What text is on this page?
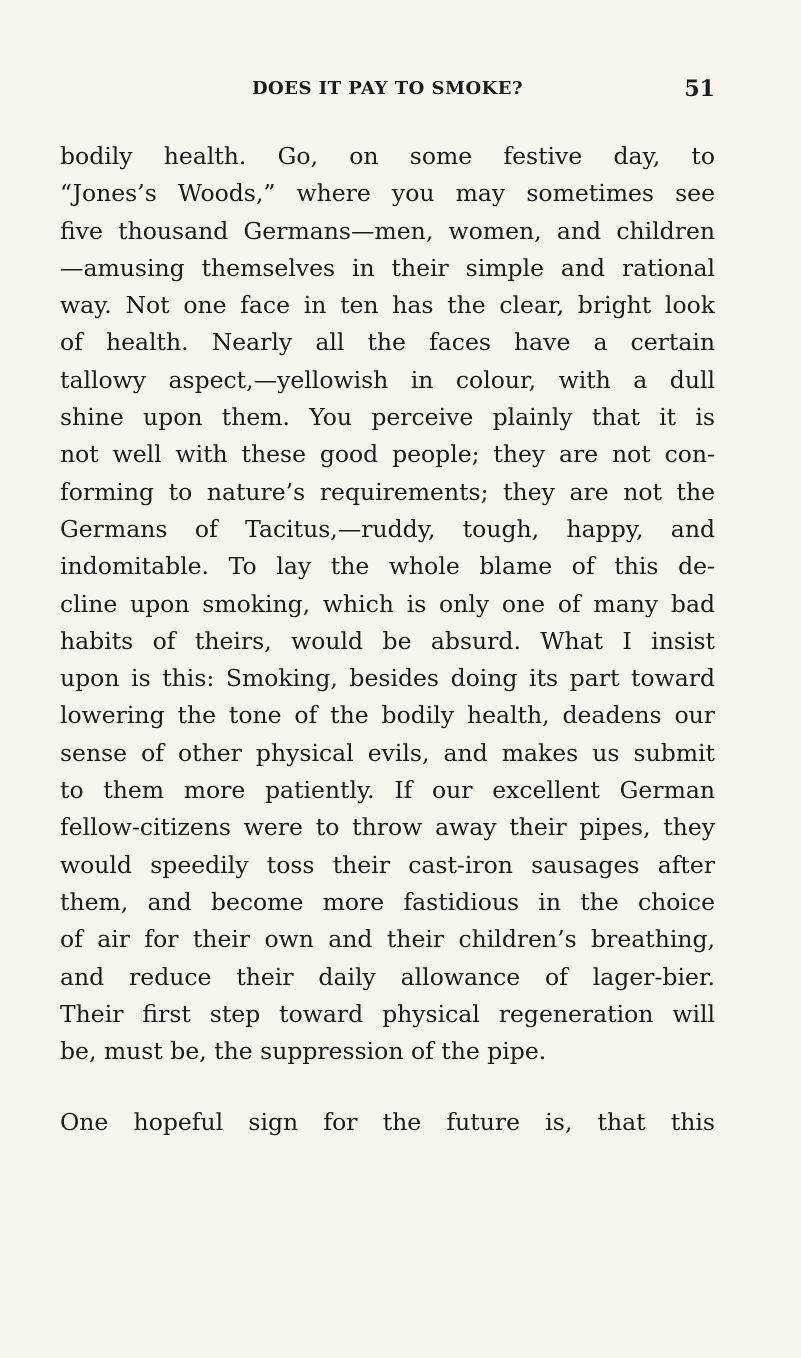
DOES IT PAY TO SMOKE?	51
bodily health. Go, on some festive day, to
“Jones’s Woods,” where you may sometimes see
five thousand Germans—men, women, and children
—amusing themselves in their simple and rational
way. Not one face in ten has the clear, bright look
of health. Nearly all the faces have a certain
tallowy aspect,—yellowish in colour, with a dull
shine upon them. You perceive plainly that it is
not well with these good people; they are not con-
forming to nature’s requirements; they are not the
Germans of Tacitus,—ruddy, tough, happy, and
indomitable. To lay the whole blame of this de-
cline upon smoking, which is only one of many bad
habits of theirs, would be absurd. What I insist
upon is this: Smoking, besides doing its part toward
lowering the tone of the bodily health, deadens our
sense of other physical evils, and makes us submit
to them more patiently. If our excellent German
fellow-citizens were to throw away their pipes, they
would speedily toss their cast-iron sausages after
them, and become more fastidious in the choice
of air for their own and their children’s breathing,
and reduce their daily allowance of lager-bier.
Their first step toward physical regeneration will
be, must be, the suppression of the pipe.
One hopeful sign for the future is, that this
